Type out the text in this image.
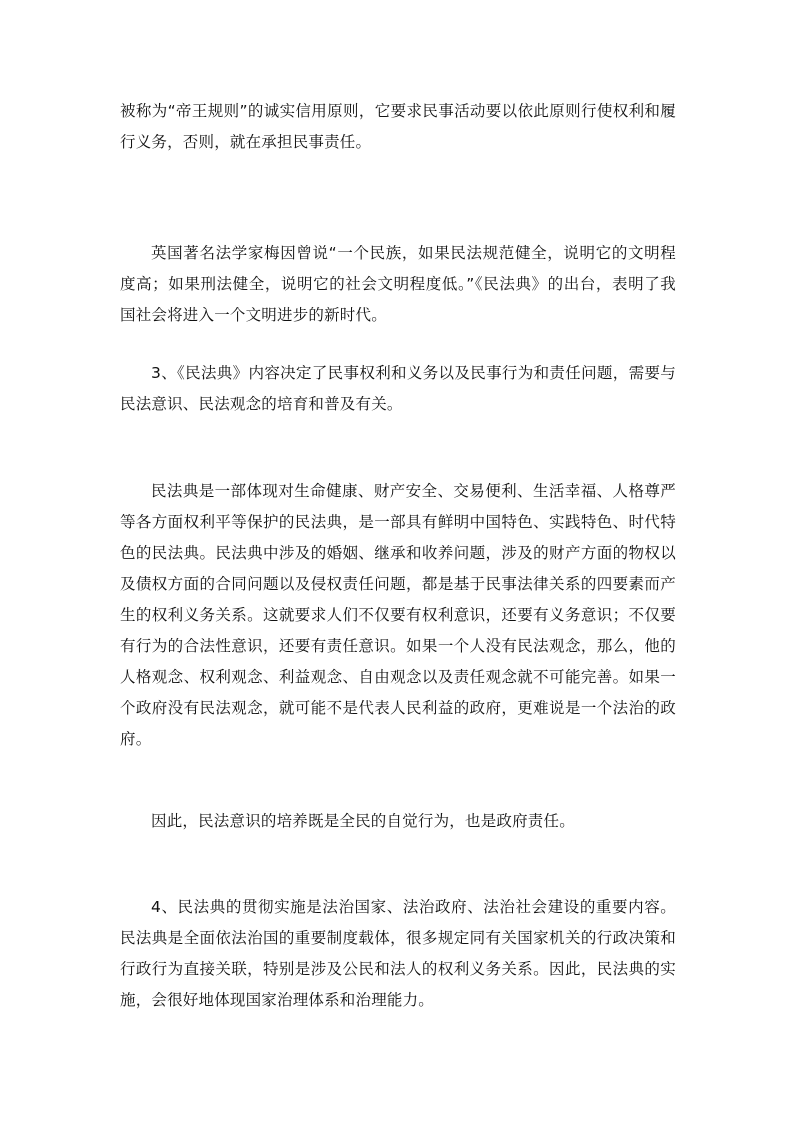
被称为“帝王规则”的诚实信用原则，它要求民事活动要以依此原则行使权利和履行义务，否则，就在承担民事责任。

英国著名法学家梅因曾说“一个民族，如果民法规范健全，说明它的文明程度高；如果刑法健全，说明它的社会文明程度低。”《民法典》的出台，表明了我国社会将进入一个文明进步的新时代。

3、《民法典》内容决定了民事权利和义务以及民事行为和责任问题，需要与民法意识、民法观念的培育和普及有关。

民法典是一部体现对生命健康、财产安全、交易便利、生活幸福、人格尊严等各方面权利平等保护的民法典，是一部具有鲜明中国特色、实践特色、时代特色的民法典。民法典中涉及的婚姻、继承和收养问题，涉及的财产方面的物权以及债权方面的合同问题以及侵权责任问题，都是基于民事法律关系的四要素而产生的权利义务关系。这就要求人们不仅要有权利意识，还要有义务意识；不仅要有行为的合法性意识，还要有责任意识。如果一个人没有民法观念，那么，他的人格观念、权利观念、利益观念、自由观念以及责任观念就不可能完善。如果一个政府没有民法观念，就可能不是代表人民利益的政府，更难说是一个法治的政府。

因此，民法意识的培养既是全民的自觉行为，也是政府责任。

4、民法典的贯彻实施是法治国家、法治政府、法治社会建设的重要内容。民法典是全面依法治国的重要制度载体，很多规定同有关国家机关的行政决策和行政行为直接关联，特别是涉及公民和法人的权利义务关系。因此，民法典的实施，会很好地体现国家治理体系和治理能力。
